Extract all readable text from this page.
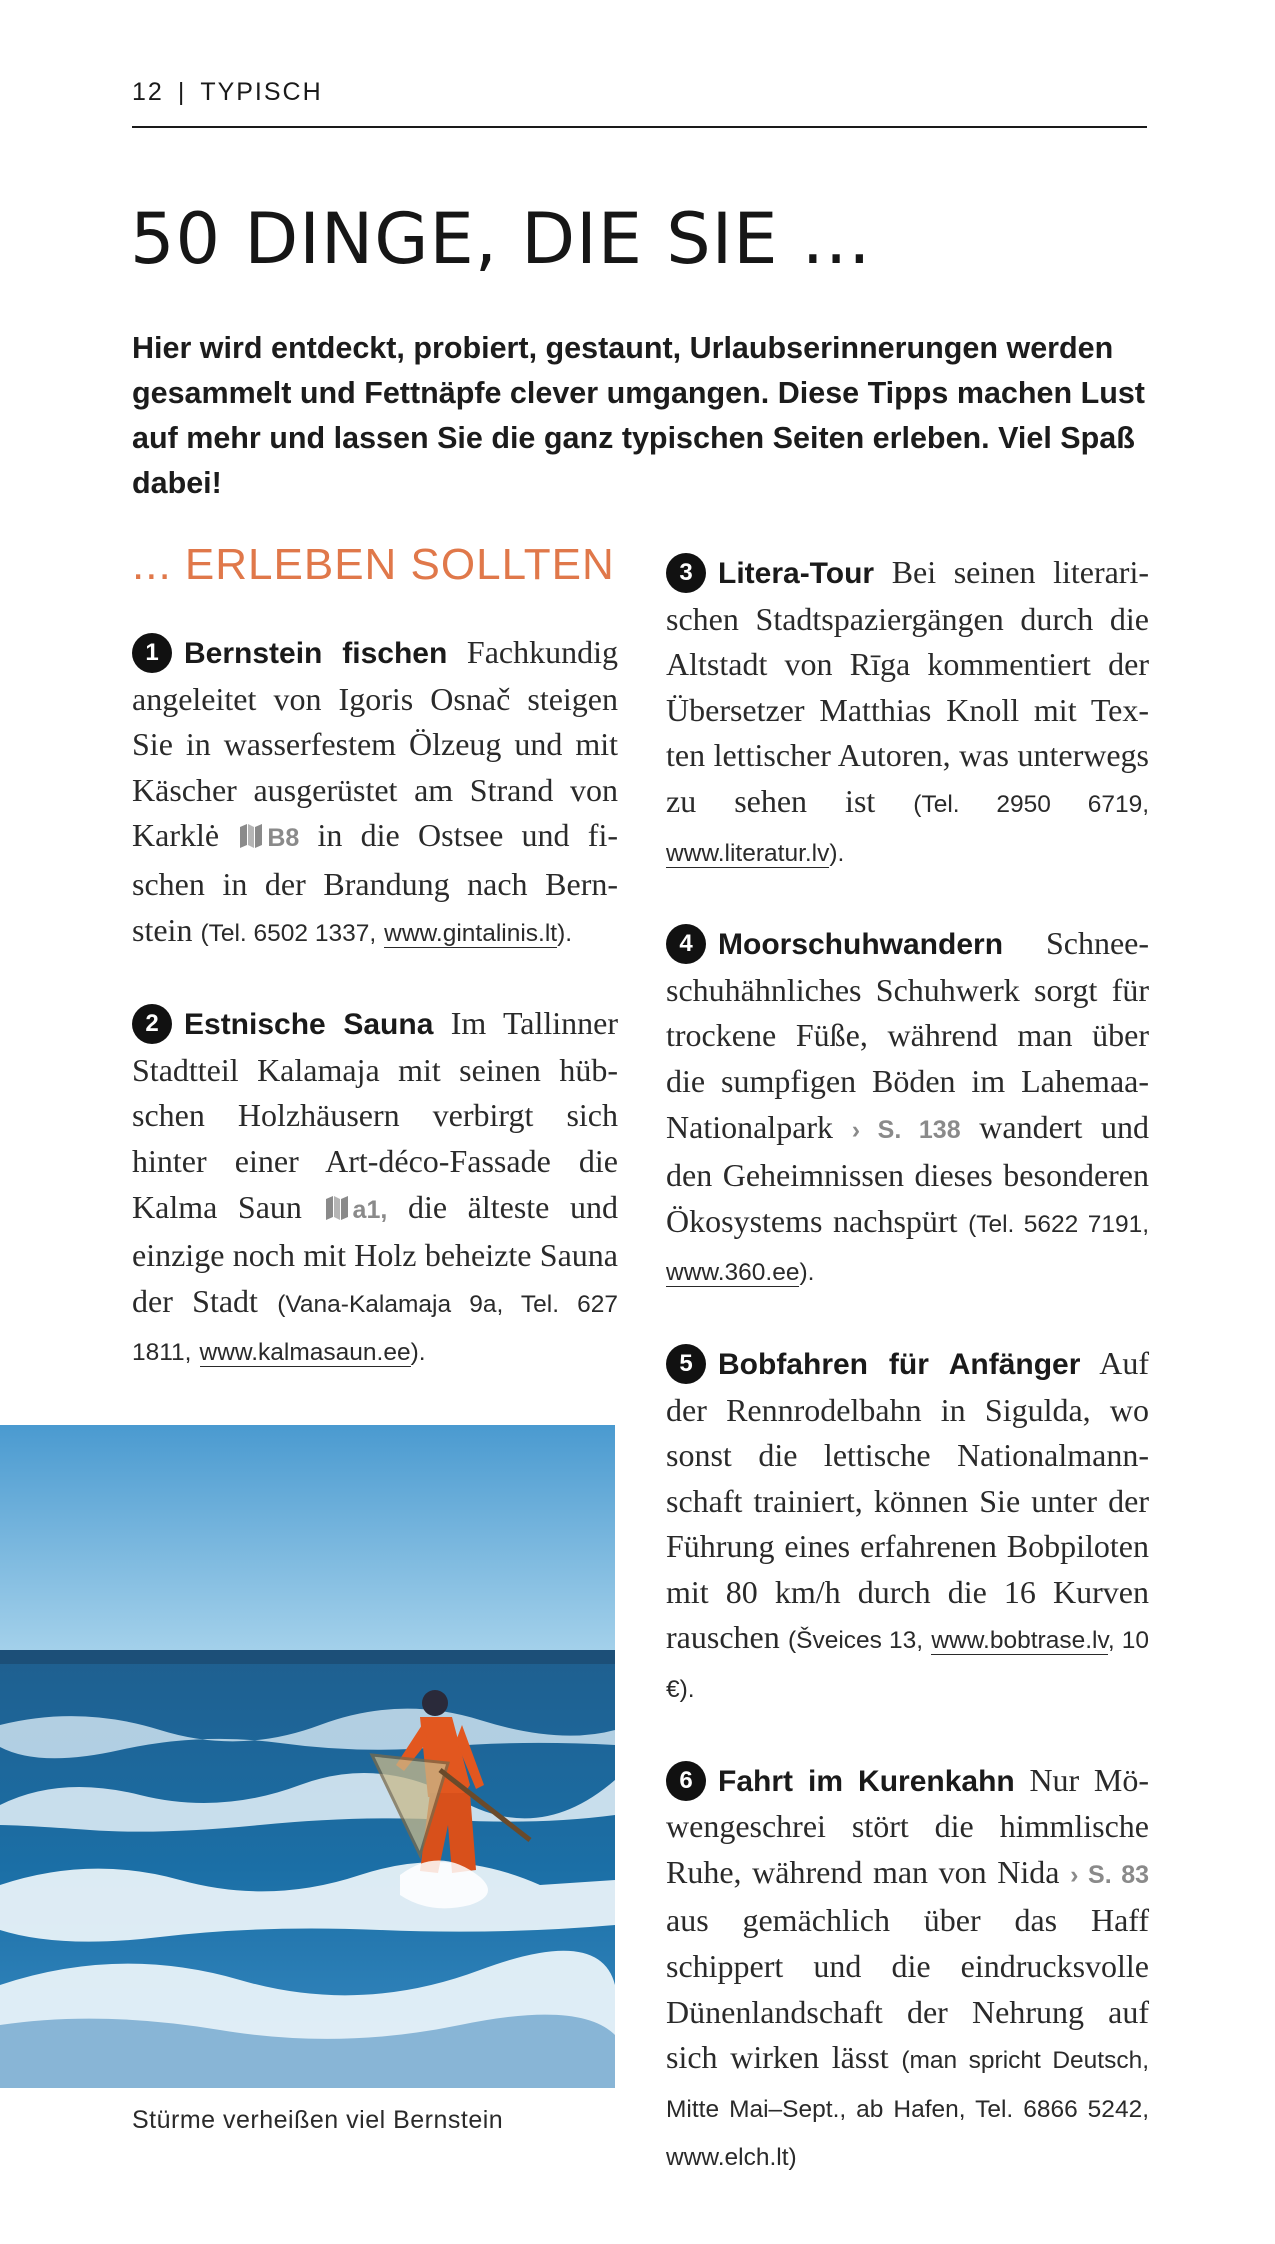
12 | TYPISCH
50 DINGE, DIE SIE ...

Hier wird entdeckt, probiert, gestaunt, Urlaubserinnerungen werden gesammelt und Fettnäpfe clever umgangen. Diese Tipps machen Lust auf mehr und lassen Sie die ganz typischen Seiten erleben. Viel Spaß dabei!

... ERLEBEN SOLLTEN

1 Bernstein fischen Fachkundig angeleitet von Igoris Osnač steigen Sie in wasserfestem Ölzeug und mit Käscher ausgerüstet am Strand von Karklė B8 in die Ostsee und fischen in der Brandung nach Bernstein (Tel. 6502 1337, www.gintalinis.lt).

2 Estnische Sauna Im Tallinner Stadtteil Kalamaja mit seinen hübschen Holzhäusern verbirgt sich hinter einer Art-déco-Fassade die Kalma Saun a1, die älteste und einzige noch mit Holz beheizte Sauna der Stadt (Vana-Kalamaja 9a, Tel. 627 1811, www.kalmasaun.ee).

3 Litera-Tour Bei seinen literarischen Stadtspaziergängen durch die Altstadt von Rīga kommentiert der Übersetzer Matthias Knoll mit Texten lettischer Autoren, was unterwegs zu sehen ist (Tel. 2950 6719, www.literatur.lv).

4 Moorschuhwandern Schneeschuhähnliches Schuhwerk sorgt für trockene Füße, während man über die sumpfigen Böden im Lahemaa-Nationalpark › S. 138 wandert und den Geheimnissen dieses besonderen Ökosystems nachspürt (Tel. 5622 7191, www.360.ee).

5 Bobfahren für Anfänger Auf der Rennrodelbahn in Sigulda, wo sonst die lettische Nationalmannschaft trainiert, können Sie unter der Führung eines erfahrenen Bobpiloten mit 80 km/h durch die 16 Kurven rauschen (Šveices 13, www.bobtrase.lv, 10 €).

6 Fahrt im Kurenkahn Nur Möwengeschrei stört die himmlische Ruhe, während man von Nida › S. 83 aus gemächlich über das Haff schippert und die eindrucksvolle Dünenlandschaft der Nehrung auf sich wirken lässt (man spricht Deutsch, Mitte Mai–Sept., ab Hafen, Tel. 6866 5242, www.elch.lt)

Stürme verheißen viel Bernstein
